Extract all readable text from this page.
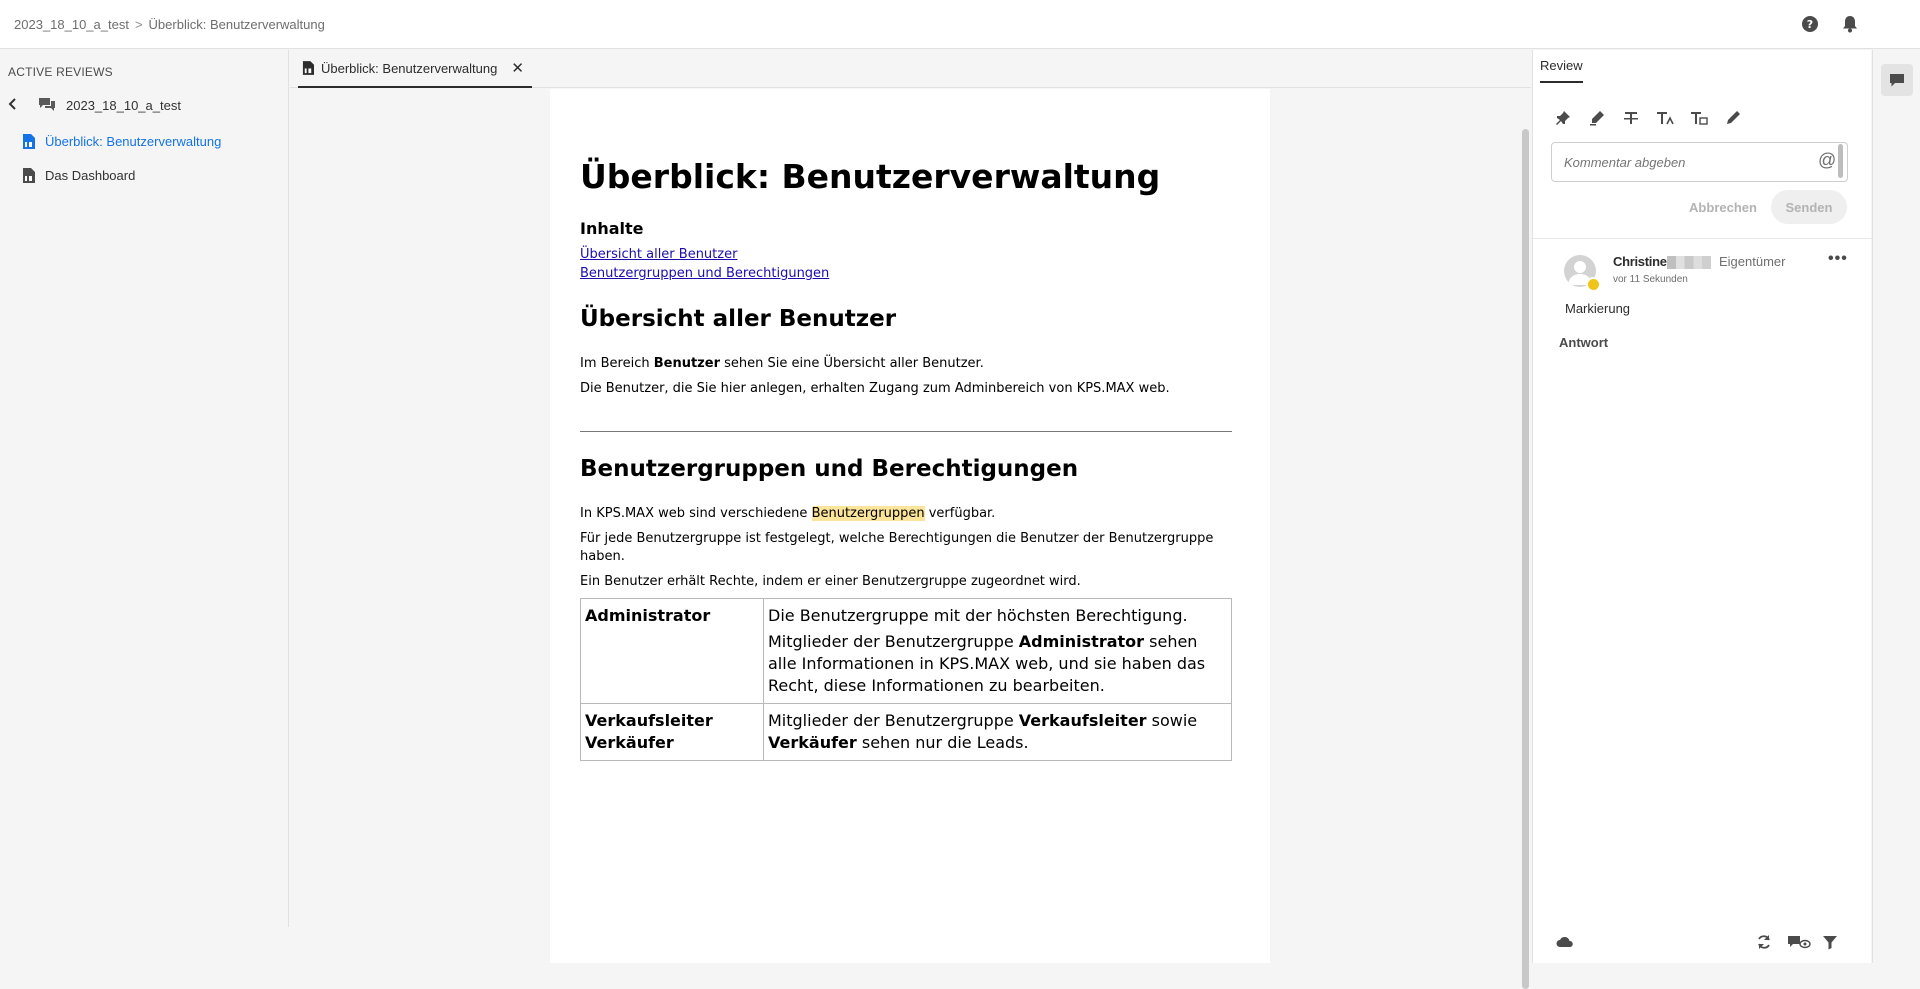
2023_18_10_a_test > Überblick: Benutzerverwaltung	?
ACTIVE REVIEWS
2023_18_10_a_test
Überblick: Benutzerverwaltung
Das Dashboard
Überblick: Benutzerverwaltung ✕
Überblick: Benutzerverwaltung
Inhalte
Übersicht aller Benutzer
Benutzergruppen und Berechtigungen
Übersicht aller Benutzer
Im Bereich Benutzer sehen Sie eine Übersicht aller Benutzer.
Die Benutzer, die Sie hier anlegen, erhalten Zugang zum Adminbereich von KPS.MAX web.
Benutzergruppen und Berechtigungen
In KPS.MAX web sind verschiedene Benutzergruppen verfügbar.
Für jede Benutzergruppe ist festgelegt, welche Berechtigungen die Benutzer der Benutzergruppe haben.
Ein Benutzer erhält Rechte, indem er einer Benutzergruppe zugeordnet wird.
Administrator	Die Benutzergruppe mit der höchsten Berechtigung.
Mitglieder der Benutzergruppe Administrator sehen alle Informationen in KPS.MAX web, und sie haben das Recht, diese Informationen zu bearbeiten.

Verkaufsleiter
Verkäufer	Mitglieder der Benutzergruppe Verkaufsleiter sowie Verkäufer sehen nur die Leads.
Review
Kommentar abgeben
@
Abbrechen	Senden
Christine	Eigentümer	•••
vor 11 Sekunden
Markierung
Antwort
